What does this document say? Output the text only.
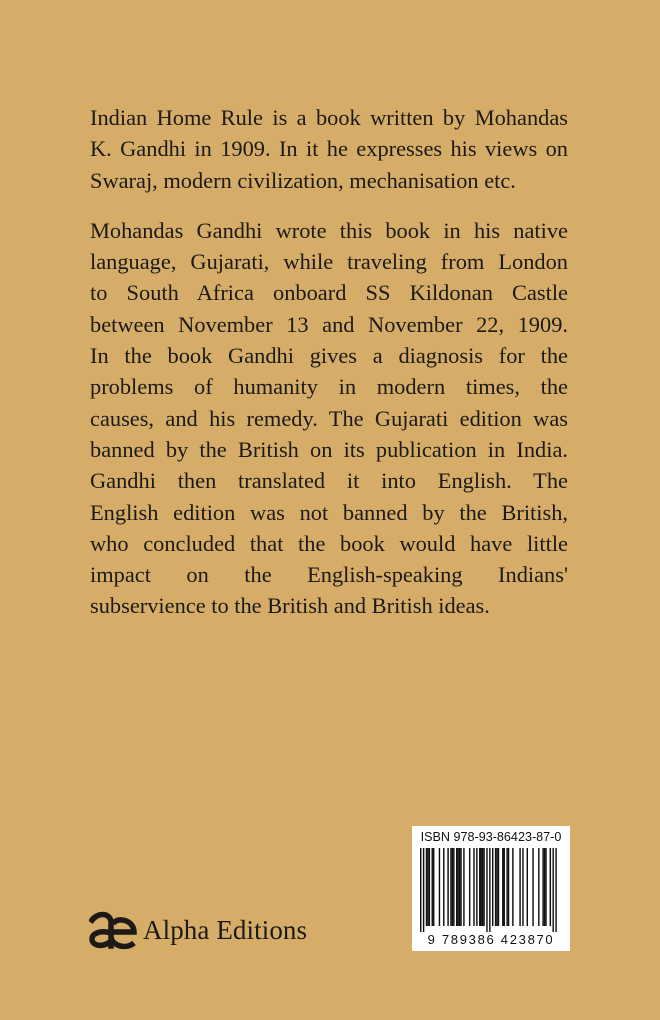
Indian Home Rule is a book written by Mohandas
K. Gandhi in 1909. In it he expresses his views on
Swaraj, modern civilization, mechanisation etc.

Mohandas Gandhi wrote this book in his native
language, Gujarati, while traveling from London
to South Africa onboard SS Kildonan Castle
between November 13 and November 22, 1909.
In the book Gandhi gives a diagnosis for the
problems of humanity in modern times, the
causes, and his remedy. The Gujarati edition was
banned by the British on its publication in India.
Gandhi then translated it into English. The
English edition was not banned by the British,
who concluded that the book would have little
impact on the English-speaking Indians'
subservience to the British and British ideas.

Alpha Editions
ISBN 978-93-86423-87-0
9 789386 423870
